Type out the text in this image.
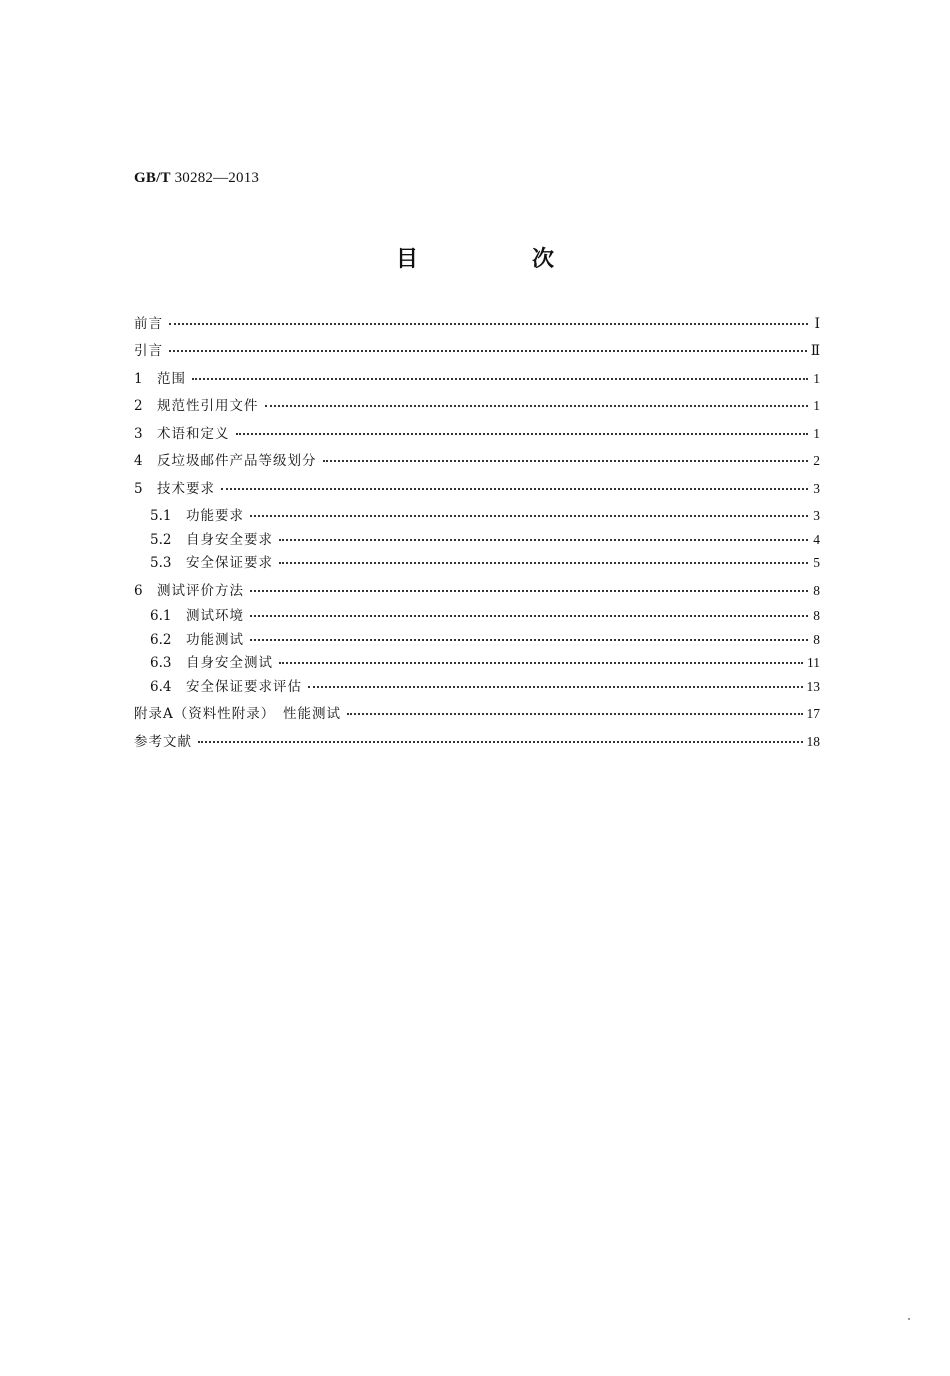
GB/T 30282—2013
目　次
前言	Ⅰ
引言	Ⅱ
1	范围	1
2	规范性引用文件	1
3	术语和定义	1
4	反垃圾邮件产品等级划分	2
5	技术要求	3
5.1	功能要求	3
5.2	自身安全要求	4
5.3	安全保证要求	5
6	测试评价方法	8
6.1	测试环境	8
6.2	功能测试	8
6.3	自身安全测试	11
6.4	安全保证要求评估	13
附录A（资料性附录）　性能测试	17
参考文献	18
